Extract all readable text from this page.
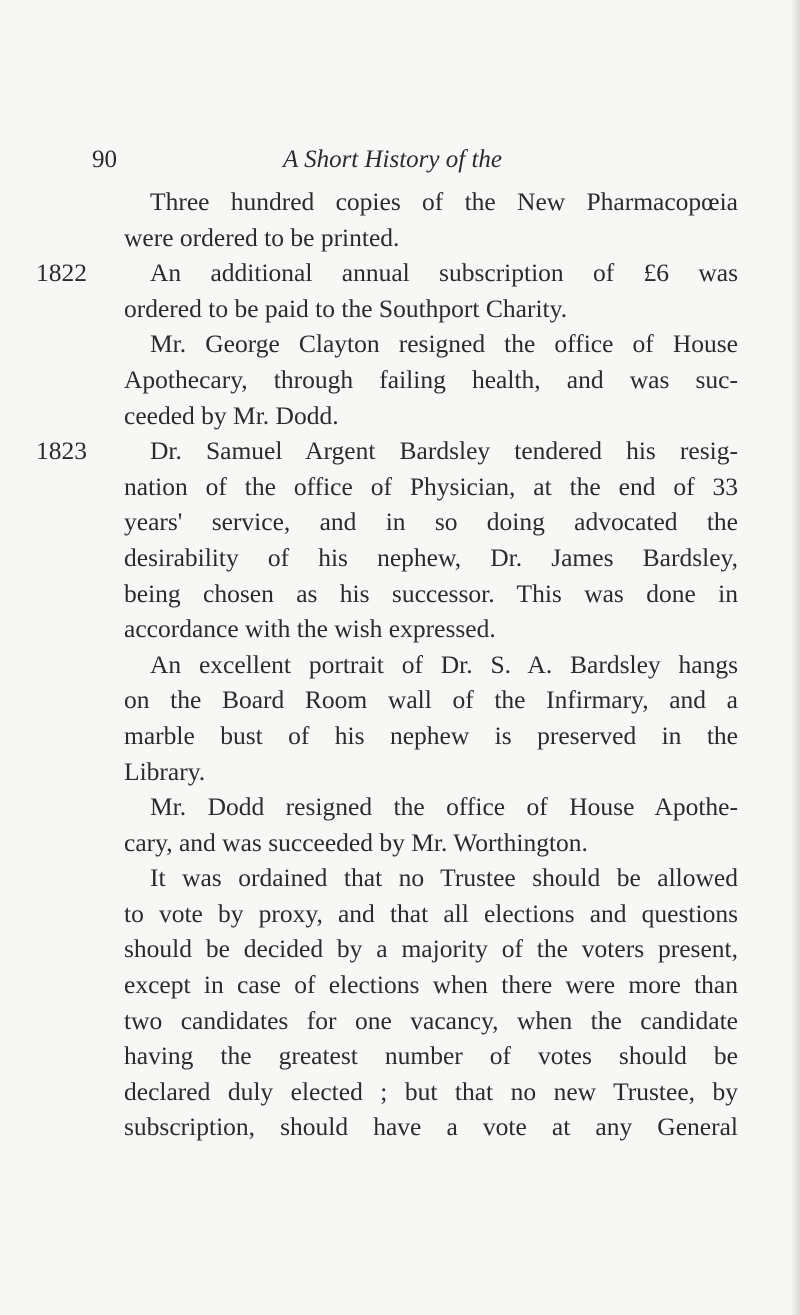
90	A Short History of the
Three hundred copies of the New Pharmacopœia
were ordered to be printed.
1822	An additional annual subscription of £6 was
ordered to be paid to the Southport Charity.
Mr. George Clayton resigned the office of House
Apothecary, through failing health, and was suc-
ceeded by Mr. Dodd.
1823	Dr. Samuel Argent Bardsley tendered his resig-
nation of the office of Physician, at the end of 33
years' service, and in so doing advocated the
desirability of his nephew, Dr. James Bardsley,
being chosen as his successor. This was done in
accordance with the wish expressed.
An excellent portrait of Dr. S. A. Bardsley hangs
on the Board Room wall of the Infirmary, and a
marble bust of his nephew is preserved in the
Library.
Mr. Dodd resigned the office of House Apothe-
cary, and was succeeded by Mr. Worthington.
It was ordained that no Trustee should be allowed
to vote by proxy, and that all elections and questions
should be decided by a majority of the voters present,
except in case of elections when there were more than
two candidates for one vacancy, when the candidate
having the greatest number of votes should be
declared duly elected ; but that no new Trustee, by
subscription, should have a vote at any General
